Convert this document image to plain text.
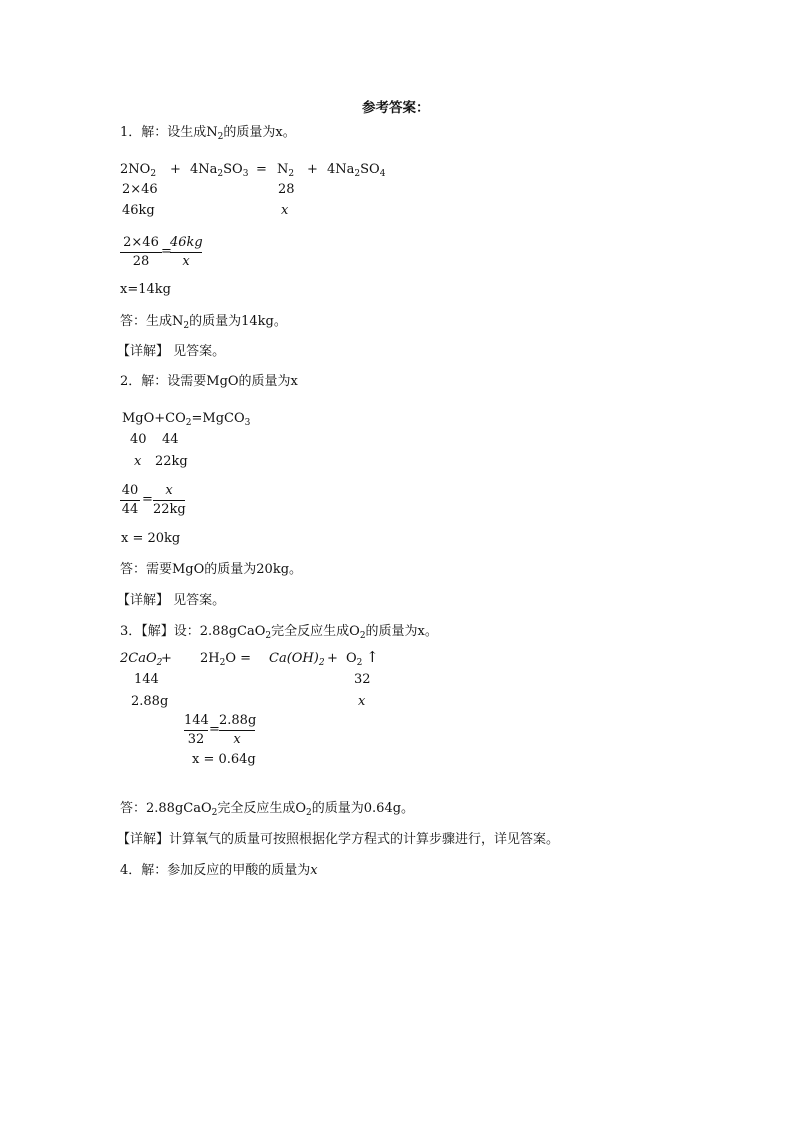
参考答案：
1．解：设生成$N_2$的质量为x。
$2NO_2 + 4Na_2SO_3 = N_2 + 4Na_2SO_4$
2×46	28
46kg	x
2×46
28
=
46kg
x
x=14kg
答：生成$N_2$的质量为14kg。
【详解】 见答案。
2．解：设需要MgO的质量为x
$MgO+CO_2=MgCO_3$
40 44
x 22kg
40
44
=
x
22kg
x = 20kg
答：需要MgO的质量为20kg。
【详解】 见答案。
3．【解】设：2.88gCaO$_2$完全反应生成$O_2$的质量为x。
2CaO$_2$
+ $2H_2O = Ca(OH)_2 + O_2$ ↑
144	32
2.88g	x
144
32
=
2.88g
x
x = 0.64g
答：2.88gCaO$_2$完全反应生成$O_2$的质量为0.64g。
【详解】计算氧气的质量可按照根据化学方程式的计算步骤进行，详见答案。
4．解：参加反应的甲酸的质量为x
